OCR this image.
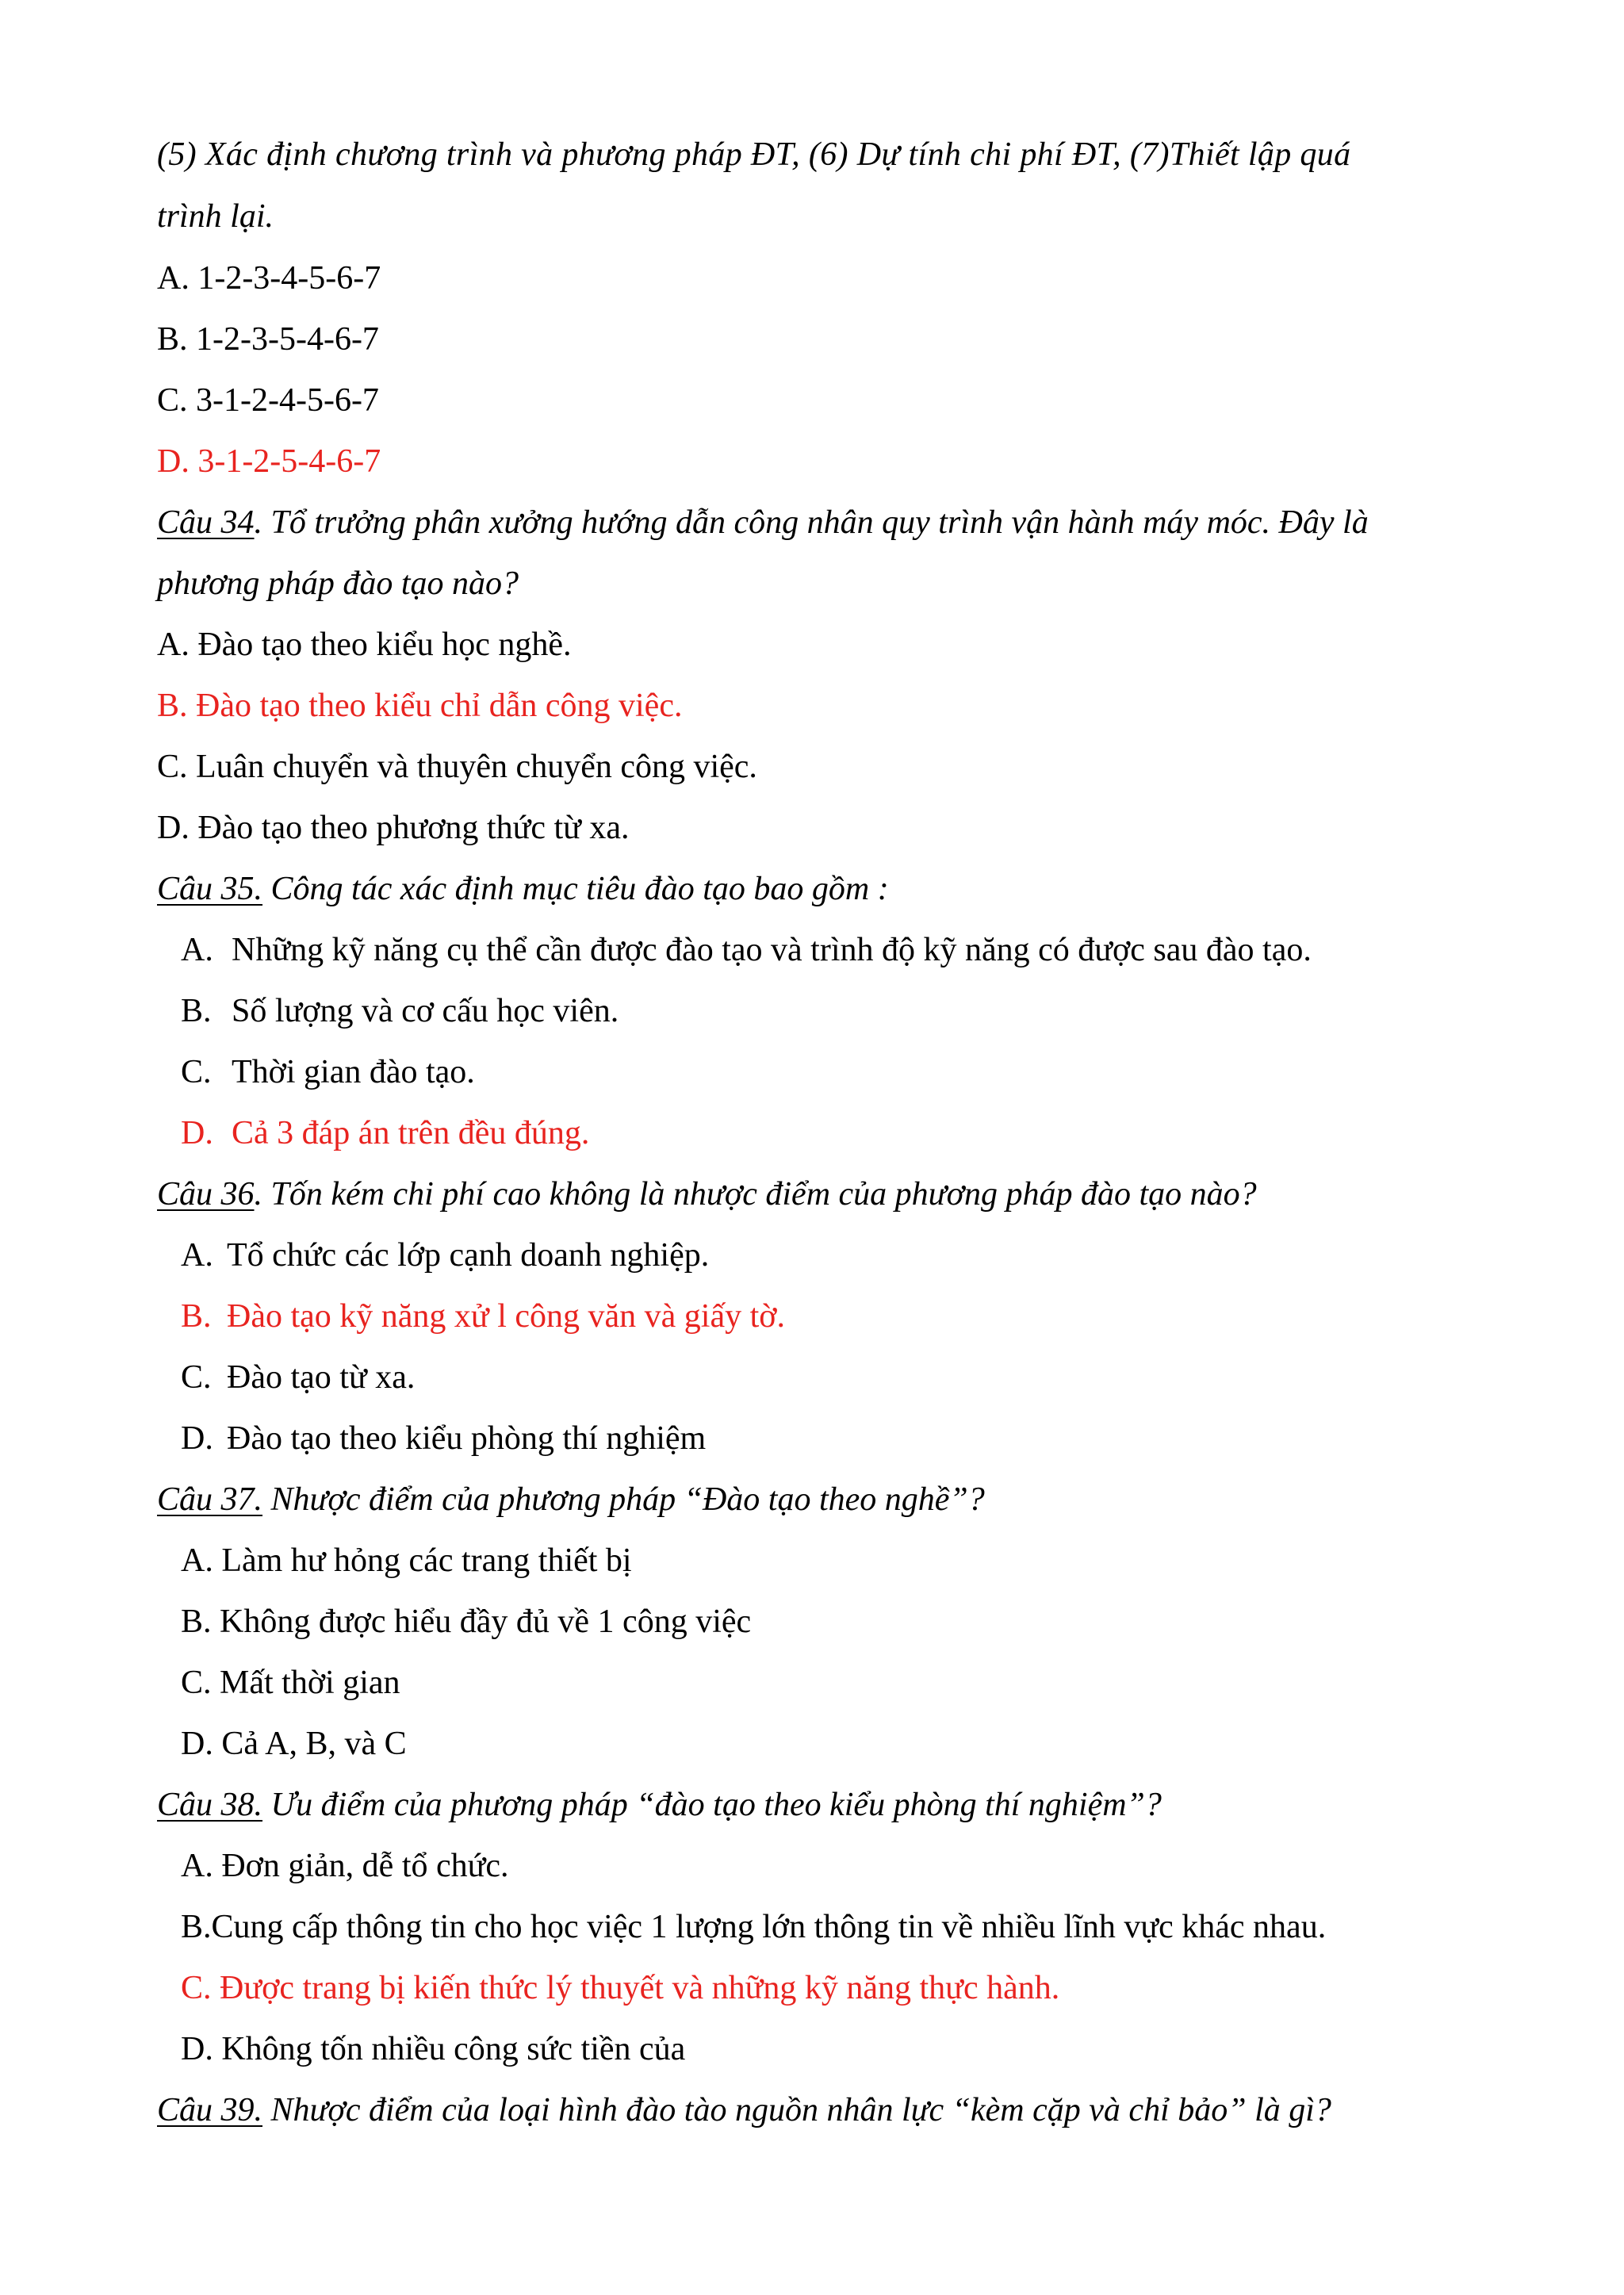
(5) Xác định chương trình và phương pháp ĐT, (6) Dự tính chi phí ĐT, (7)Thiết lập quá
trình lại.
A. 1-2-3-4-5-6-7
B. 1-2-3-5-4-6-7
C. 3-1-2-4-5-6-7
D. 3-1-2-5-4-6-7
Câu 34. Tổ trưởng phân xưởng hướng dẫn công nhân quy trình vận hành máy móc. Đây là
phương pháp đào tạo nào?
A. Đào tạo theo kiểu học nghề.
B. Đào tạo theo kiểu chỉ dẫn công việc.
C. Luân chuyển và thuyên chuyển công việc.
D. Đào tạo theo phương thức từ xa.
Câu 35. Công tác xác định mục tiêu đào tạo bao gồm :
A. Những kỹ năng cụ thể cần được đào tạo và trình độ kỹ năng có được sau đào tạo.
B. Số lượng và cơ cấu học viên.
C. Thời gian đào tạo.
D. Cả 3 đáp án trên đều đúng.
Câu 36. Tốn kém chi phí cao không là nhược điểm của phương pháp đào tạo nào?
A. Tổ chức các lớp cạnh doanh nghiệp.
B. Đào tạo kỹ năng xử l công văn và giấy tờ.
C. Đào tạo từ xa.
D. Đào tạo theo kiểu phòng thí nghiệm
Câu 37. Nhược điểm của phương pháp “Đào tạo theo nghề”?
A. Làm hư hỏng các trang thiết bị
B. Không được hiểu đầy đủ về 1 công việc
C. Mất thời gian
D. Cả A, B, và C
Câu 38. Ưu điểm của phương pháp “đào tạo theo kiểu phòng thí nghiệm”?
A. Đơn giản, dễ tổ chức.
B.Cung cấp thông tin cho học việc 1 lượng lớn thông tin về nhiều lĩnh vực khác nhau.
C. Được trang bị kiến thức lý thuyết và những kỹ năng thực hành.
D. Không tốn nhiều công sức tiền của
Câu 39. Nhược điểm của loại hình đào tào nguồn nhân lực “kèm cặp và chỉ bảo” là gì?
